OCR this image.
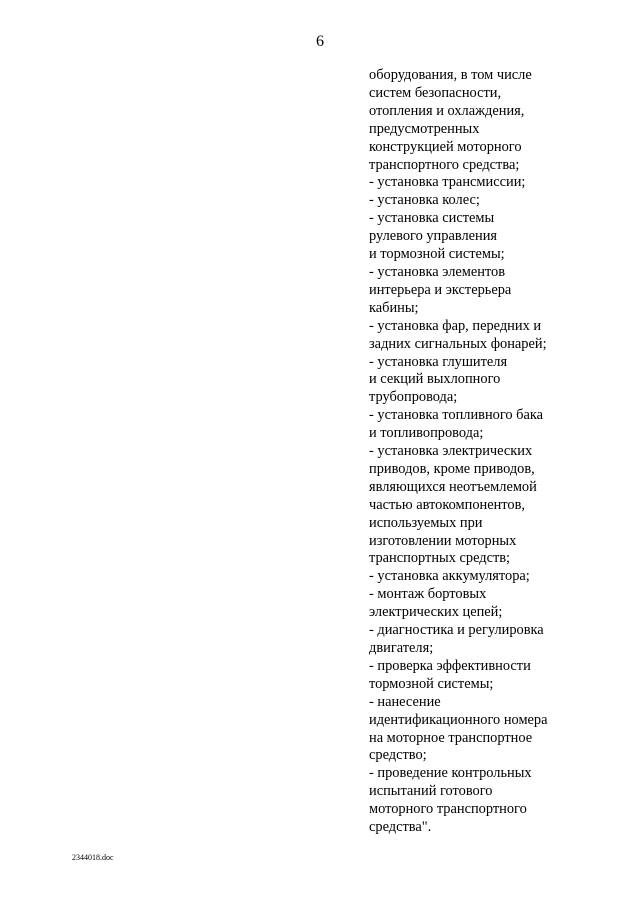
6
оборудования, в том числе
систем безопасности,
отопления и охлаждения,
предусмотренных
конструкцией моторного
транспортного средства;
- установка трансмиссии;
- установка колес;
- установка системы
рулевого управления
и тормозной системы;
- установка элементов
интерьера и экстерьера
кабины;
- установка фар, передних и
задних сигнальных фонарей;
- установка глушителя
и секций выхлопного
трубопровода;
- установка топливного бака
и топливопровода;
- установка электрических
приводов, кроме приводов,
являющихся неотъемлемой
частью автокомпонентов,
используемых при
изготовлении моторных
транспортных средств;
- установка аккумулятора;
- монтаж бортовых
электрических цепей;
- диагностика и регулировка
двигателя;
- проверка эффективности
тормозной системы;
- нанесение
идентификационного номера
на моторное транспортное
средство;
- проведение контрольных
испытаний готового
моторного транспортного
средства".
2344018.doc
